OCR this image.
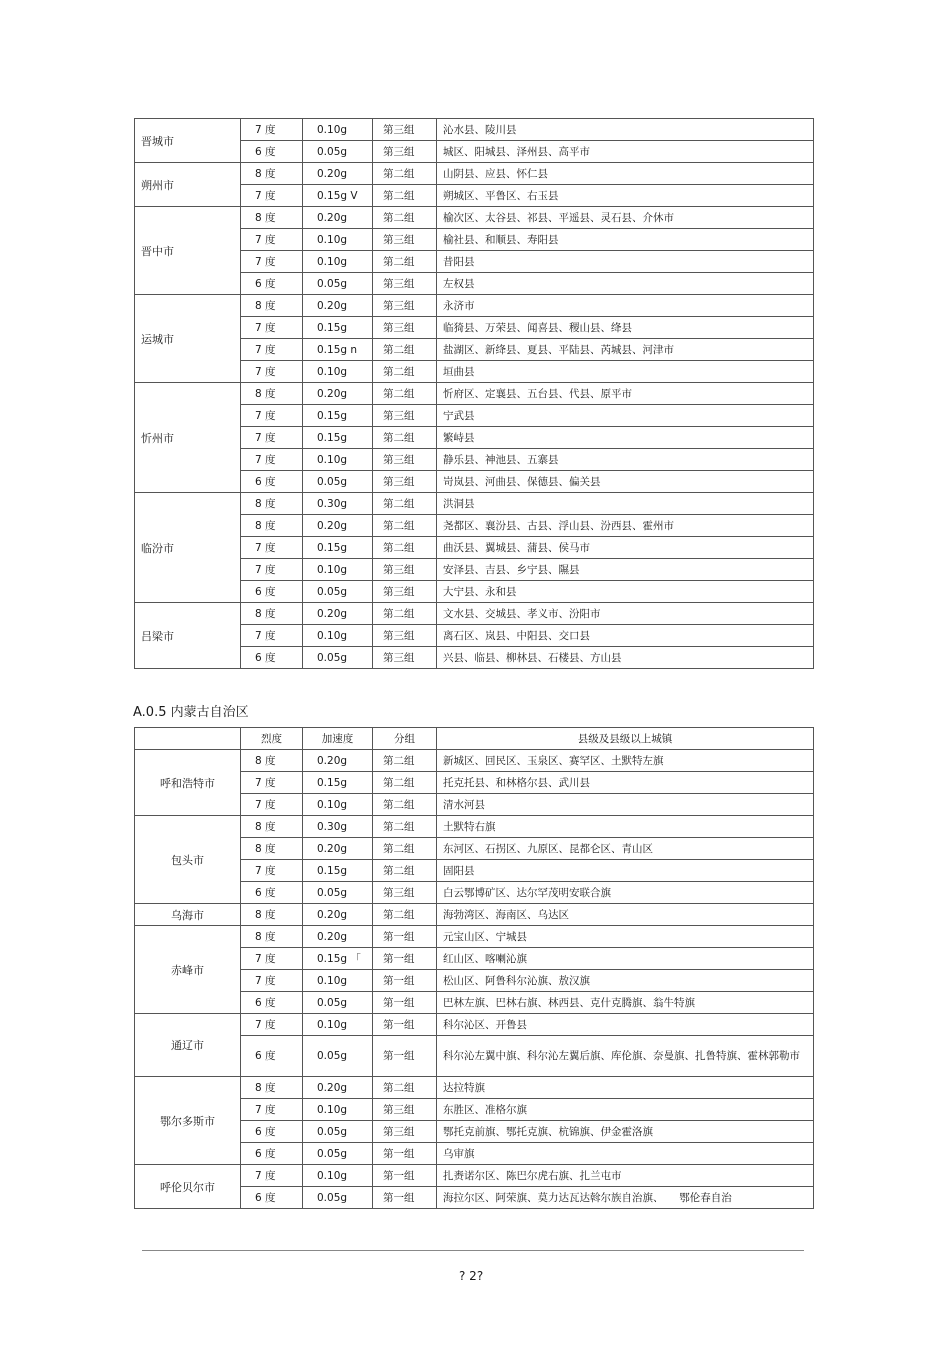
晋城市	7 度	0.10g	第三组	沁水县、陵川县
	6 度	0.05g	第三组	城区、阳城县、泽州县、高平市
朔州市	8 度	0.20g	第二组	山阴县、应县、怀仁县
	7 度	0.15g V	第二组	朔城区、平鲁区、右玉县
晋中市	8 度	0.20g	第二组	榆次区、太谷县、祁县、平遥县、灵石县、介休市
	7 度	0.10g	第三组	榆社县、和顺县、寿阳县
	7 度	0.10g	第二组	昔阳县
	6 度	0.05g	第三组	左权县
运城市	8 度	0.20g	第三组	永济市
	7 度	0.15g	第三组	临猗县、万荣县、闻喜县、稷山县、绛县
	7 度	0.15g n	第二组	盐湖区、新绛县、夏县、平陆县、芮城县、河津市
	7 度	0.10g	第二组	垣曲县
忻州市	8 度	0.20g	第二组	忻府区、定襄县、五台县、代县、原平市
	7 度	0.15g	第三组	宁武县
	7 度	0.15g	第二组	繁峙县
	7 度	0.10g	第三组	静乐县、神池县、五寨县
	6 度	0.05g	第三组	岢岚县、河曲县、保德县、偏关县
临汾市	8 度	0.30g	第二组	洪洞县
	8 度	0.20g	第二组	尧都区、襄汾县、古县、浮山县、汾西县、霍州市
	7 度	0.15g	第二组	曲沃县、翼城县、蒲县、侯马市
	7 度	0.10g	第三组	安泽县、吉县、乡宁县、隰县
	6 度	0.05g	第三组	大宁县、永和县
吕梁市	8 度	0.20g	第二组	文水县、交城县、孝义市、汾阳市
	7 度	0.10g	第三组	离石区、岚县、中阳县、交口县
	6 度	0.05g	第三组	兴县、临县、柳林县、石楼县、方山县
A.0.5 内蒙古自治区
	烈度	加速度	分组	县级及县级以上城镇
呼和浩特市	8 度	0.20g	第二组	新城区、回民区、玉泉区、赛罕区、土默特左旗
	7 度	0.15g	第二组	托克托县、和林格尔县、武川县
	7 度	0.10g	第二组	清水河县
包头市	8 度	0.30g	第二组	土默特右旗
	8 度	0.20g	第二组	东河区、石拐区、九原区、昆都仑区、青山区
	7 度	0.15g	第二组	固阳县
	6 度	0.05g	第三组	白云鄂博矿区、达尔罕茂明安联合旗
乌海市	8 度	0.20g	第二组	海勃湾区、海南区、乌达区
赤峰市	8 度	0.20g	第一组	元宝山区、宁城县
	7 度	0.15g 「	第一组	红山区、喀喇沁旗
	7 度	0.10g	第一组	松山区、阿鲁科尔沁旗、敖汉旗
	6 度	0.05g	第一组	巴林左旗、巴林右旗、林西县、克什克腾旗、翁牛特旗
通辽市	7 度	0.10g	第一组	科尔沁区、开鲁县
	6 度	0.05g	第一组	科尔沁左翼中旗、科尔沁左翼后旗、库伦旗、奈曼旗、扎鲁特旗、霍林郭勒市
鄂尔多斯市	8 度	0.20g	第二组	达拉特旗
	7 度	0.10g	第三组	东胜区、准格尔旗
	6 度	0.05g	第三组	鄂托克前旗、鄂托克旗、杭锦旗、伊金霍洛旗
	6 度	0.05g	第一组	乌审旗
呼伦贝尔市	7 度	0.10g	第一组	扎赉诺尔区、陈巴尔虎右旗、扎兰屯市
	6 度	0.05g	第一组	海拉尔区、阿荣旗、莫力达瓦达斡尔族自治旗、　　鄂伦春自治
? 2?
